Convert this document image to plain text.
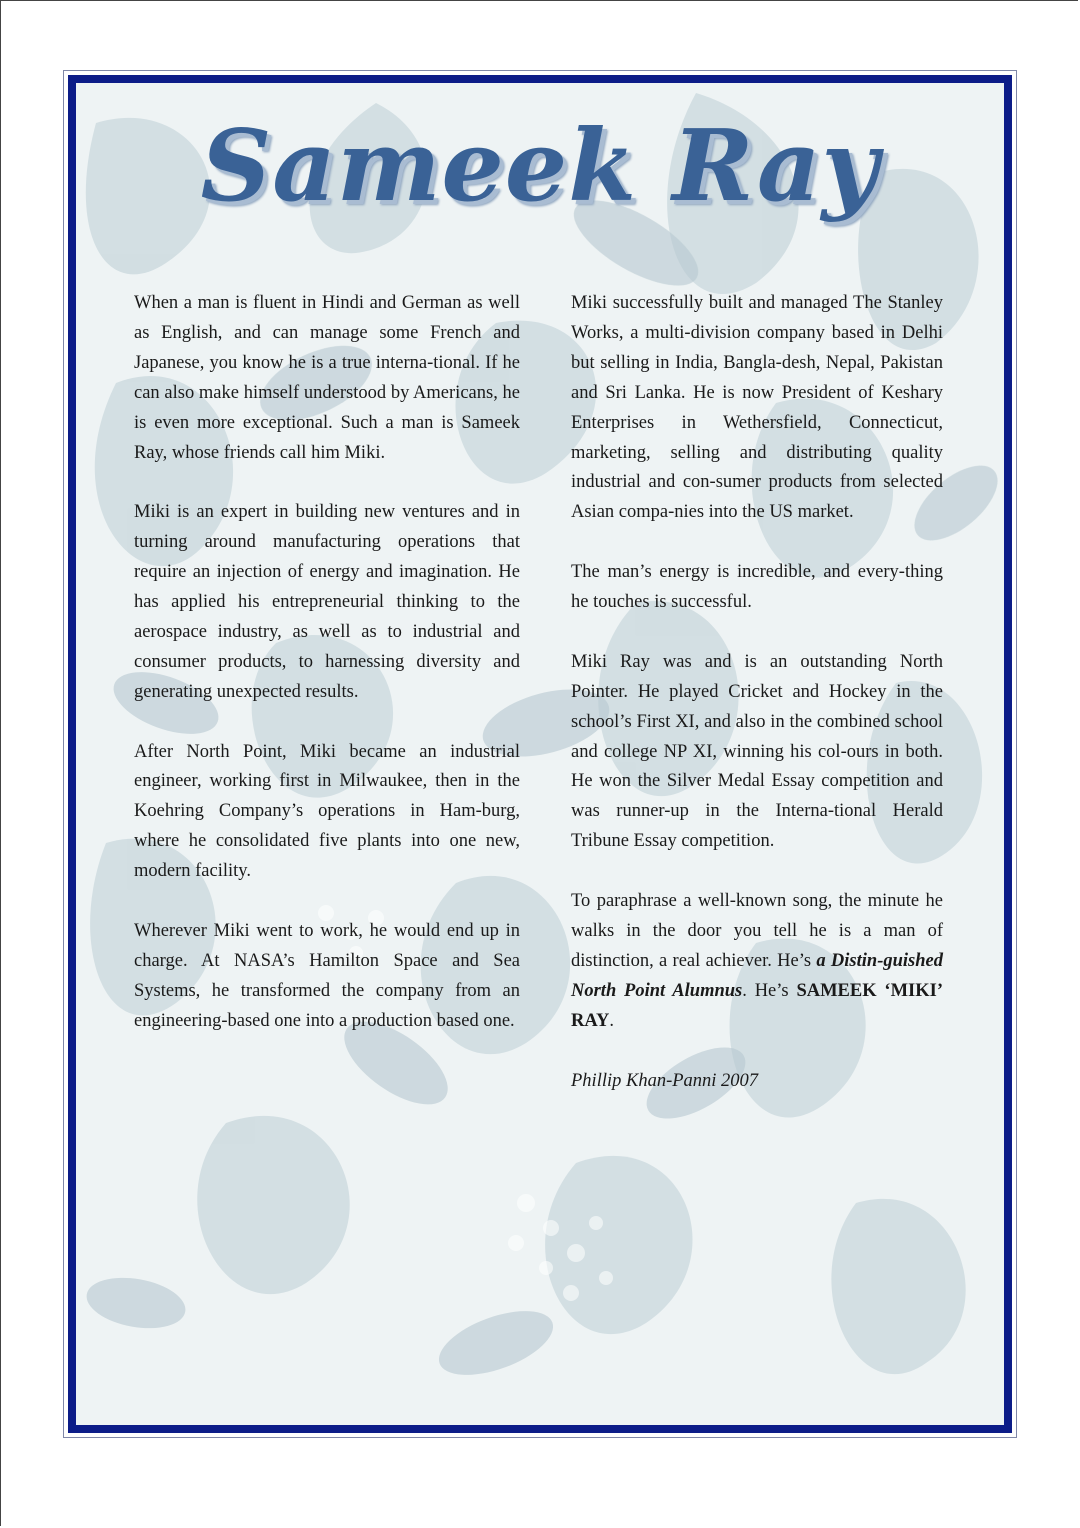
Sameek Ray

When a man is fluent in Hindi and German as well as English, and can manage some French and Japanese, you know he is a true interna-tional. If he can also make himself understood by Americans, he is even more exceptional. Such a man is Sameek Ray, whose friends call him Miki.

Miki is an expert in building new ventures and in turning around manufacturing operations that require an injection of energy and imagination. He has applied his entrepreneurial thinking to the aerospace industry, as well as to industrial and consumer products, to harnessing diversity and generating unexpected results.

After North Point, Miki became an industrial engineer, working first in Milwaukee, then in the Koehring Company’s operations in Ham-burg, where he consolidated five plants into one new, modern facility.

Wherever Miki went to work, he would end up in charge. At NASA’s Hamilton Space and Sea Systems, he transformed the company from an engineering-based one into a production based one.

Miki successfully built and managed The Stanley Works, a multi-division company based in Delhi but selling in India, Bangla-desh, Nepal, Pakistan and Sri Lanka. He is now President of Keshary Enterprises in Wethersfield, Connecticut, marketing, selling and distributing quality industrial and con-sumer products from selected Asian compa-nies into the US market.

The man’s energy is incredible, and every-thing he touches is successful.

Miki Ray was and is an outstanding North Pointer. He played Cricket and Hockey in the school’s First XI, and also in the combined school and college NP XI, winning his col-ours in both. He won the Silver Medal Essay competition and was runner-up in the Interna-tional Herald Tribune Essay competition.

To paraphrase a well-known song, the minute he walks in the door you tell he is a man of distinction, a real achiever. He’s a Distin-guished North Point Alumnus. He’s SAMEEK ‘MIKI’ RAY.

Phillip Khan-Panni 2007
